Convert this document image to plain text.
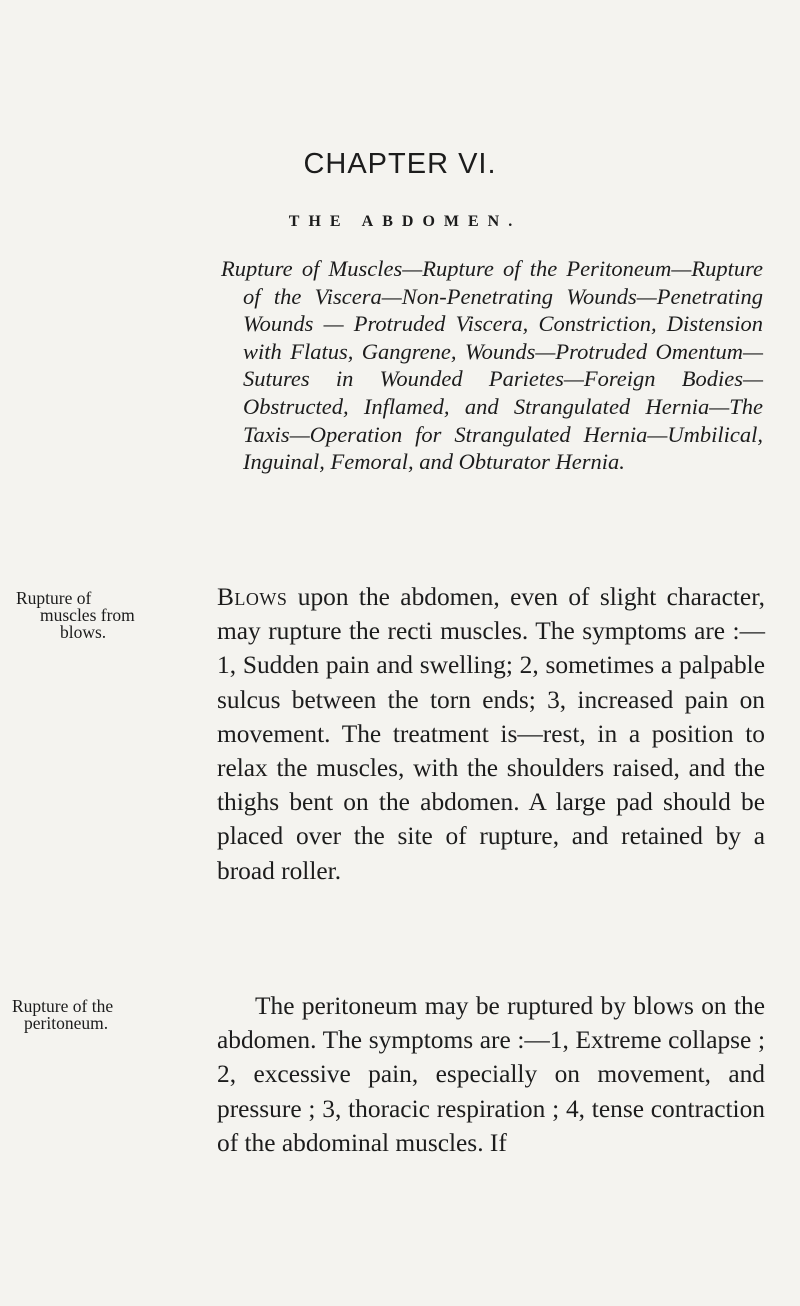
CHAPTER VI.
THE ABDOMEN.

Rupture of Muscles—Rupture of the Peritoneum—Rupture of the Viscera—Non-Penetrating Wounds—Penetrating Wounds — Protruded Viscera, Constriction, Distension with Flatus, Gangrene, Wounds—Protruded Omentum—Sutures in Wounded Parietes—Foreign Bodies—Obstructed, Inflamed, and Strangulated Hernia—The Taxis—Operation for Strangulated Hernia—Umbilical, Inguinal, Femoral, and Obturator Hernia.

Rupture of
muscles from
blows.

Blows upon the abdomen, even of slight character, may rupture the recti muscles. The symptoms are :—1, Sudden pain and swelling; 2, sometimes a palpable sulcus between the torn ends; 3, increased pain on movement. The treatment is—rest, in a position to relax the muscles, with the shoulders raised, and the thighs bent on the abdomen. A large pad should be placed over the site of rupture, and retained by a broad roller.

Rupture of the
peritoneum.

The peritoneum may be ruptured by blows on the abdomen. The symptoms are :—1, Extreme collapse ; 2, excessive pain, especially on movement, and pressure ; 3, thoracic respiration ; 4, tense contraction of the abdominal muscles. If
